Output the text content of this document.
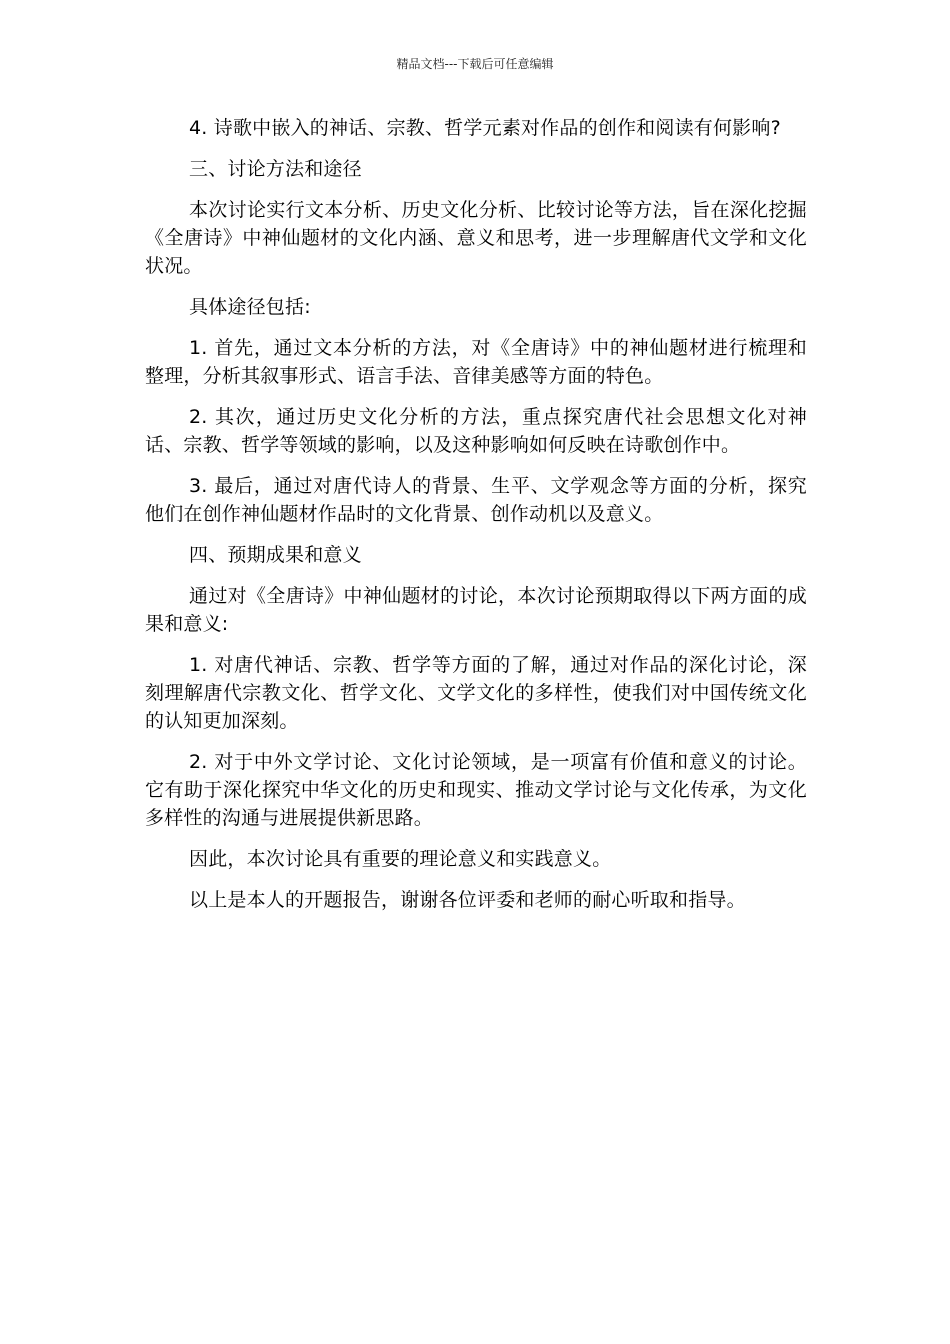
精品文档---下载后可任意编辑

4. 诗歌中嵌入的神话、宗教、哲学元素对作品的创作和阅读有何影响?

三、讨论方法和途径

本次讨论实行文本分析、历史文化分析、比较讨论等方法，旨在深化挖掘《全唐诗》中神仙题材的文化内涵、意义和思考，进一步理解唐代文学和文化状况。

具体途径包括:

1. 首先，通过文本分析的方法，对《全唐诗》中的神仙题材进行梳理和整理，分析其叙事形式、语言手法、音律美感等方面的特色。

2. 其次，通过历史文化分析的方法，重点探究唐代社会思想文化对神话、宗教、哲学等领域的影响，以及这种影响如何反映在诗歌创作中。

3. 最后，通过对唐代诗人的背景、生平、文学观念等方面的分析，探究他们在创作神仙题材作品时的文化背景、创作动机以及意义。

四、预期成果和意义

通过对《全唐诗》中神仙题材的讨论，本次讨论预期取得以下两方面的成果和意义:

1. 对唐代神话、宗教、哲学等方面的了解，通过对作品的深化讨论，深刻理解唐代宗教文化、哲学文化、文学文化的多样性，使我们对中国传统文化的认知更加深刻。

2. 对于中外文学讨论、文化讨论领域，是一项富有价值和意义的讨论。它有助于深化探究中华文化的历史和现实、推动文学讨论与文化传承，为文化多样性的沟通与进展提供新思路。

因此，本次讨论具有重要的理论意义和实践意义。

以上是本人的开题报告，谢谢各位评委和老师的耐心听取和指导。
